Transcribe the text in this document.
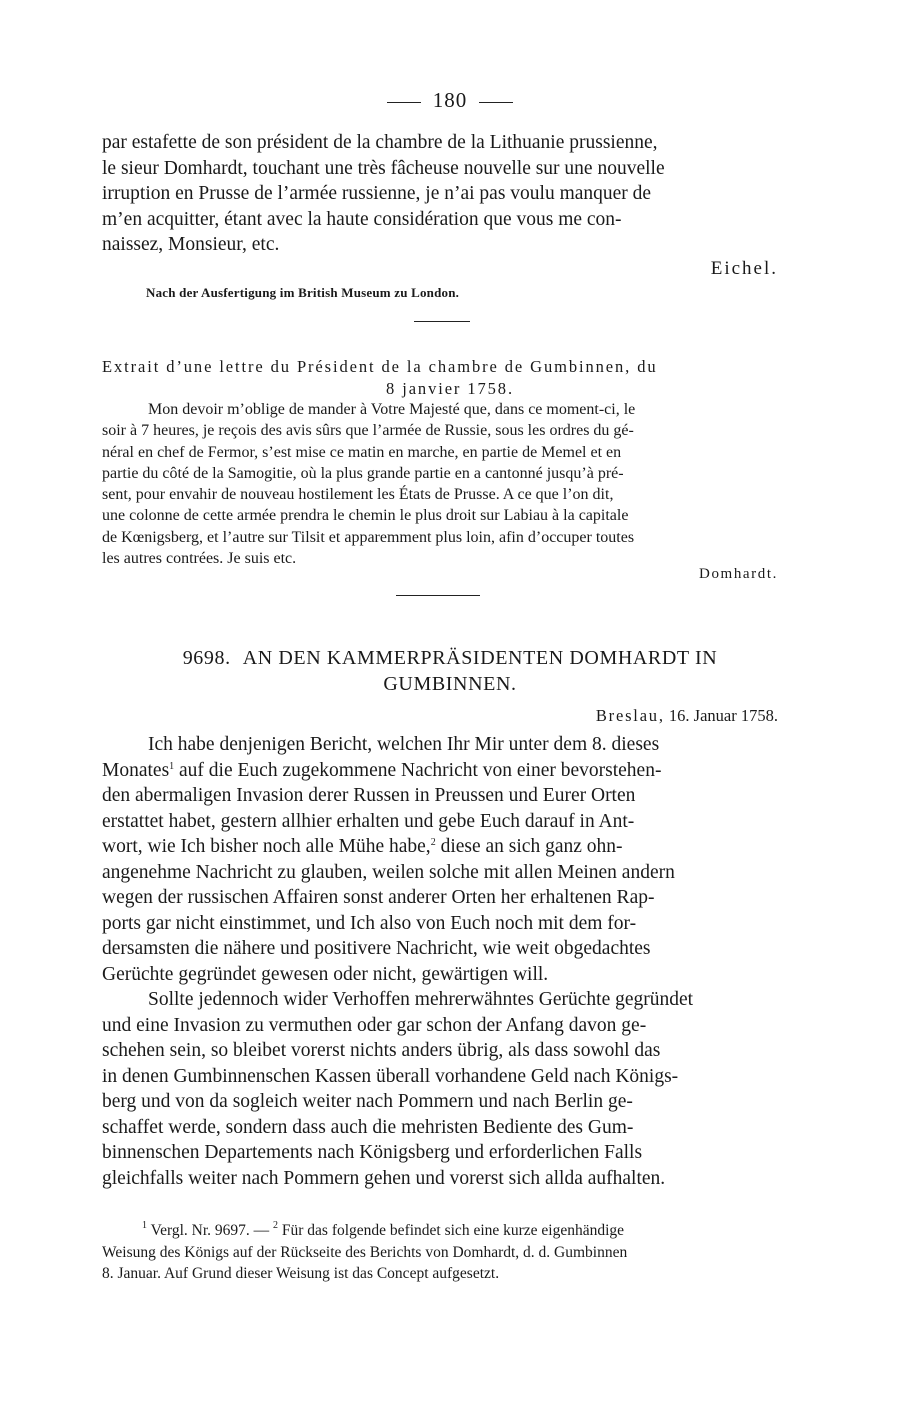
180
par estafette de son président de la chambre de la Lithuanie prussienne,
le sieur Domhardt, touchant une très fâcheuse nouvelle sur une nouvelle
irruption en Prusse de l’armée russienne, je n’ai pas voulu manquer de
m’en acquitter, étant avec la haute considération que vous me con-
naissez, Monsieur, etc.
Eichel.
Nach der Ausfertigung im British Museum zu London.
Extrait d’une lettre du Président de la chambre de Gumbinnen, du
8 janvier 1758.
Mon devoir m’oblige de mander à Votre Majesté que, dans ce moment-ci, le
soir à 7 heures, je reçois des avis sûrs que l’armée de Russie, sous les ordres du gé-
néral en chef de Fermor, s’est mise ce matin en marche, en partie de Memel et en
partie du côté de la Samogitie, où la plus grande partie en a cantonné jusqu’à pré-
sent, pour envahir de nouveau hostilement les États de Prusse. A ce que l’on dit,
une colonne de cette armée prendra le chemin le plus droit sur Labiau à la capitale
de Kœnigsberg, et l’autre sur Tilsit et apparemment plus loin, afin d’occuper toutes
les autres contrées. Je suis etc.
Domhardt.
9698. AN DEN KAMMERPRÄSIDENTEN DOMHARDT IN
GUMBINNEN.
Breslau, 16. Januar 1758.
Ich habe denjenigen Bericht, welchen Ihr Mir unter dem 8. dieses
Monates$^1$ auf die Euch zugekommene Nachricht von einer bevorstehen-
den abermaligen Invasion derer Russen in Preussen und Eurer Orten
erstattet habet, gestern allhier erhalten und gebe Euch darauf in Ant-
wort, wie Ich bisher noch alle Mühe habe,$^2$ diese an sich ganz ohn-
angenehme Nachricht zu glauben, weilen solche mit allen Meinen andern
wegen der russischen Affairen sonst anderer Orten her erhaltenen Rap-
ports gar nicht einstimmet, und Ich also von Euch noch mit dem for-
dersamsten die nähere und positivere Nachricht, wie weit obgedachtes
Gerüchte gegründet gewesen oder nicht, gewärtigen will.
Sollte jedennoch wider Verhoffen mehrerwähntes Gerüchte gegründet
und eine Invasion zu vermuthen oder gar schon der Anfang davon ge-
schehen sein, so bleibet vorerst nichts anders übrig, als dass sowohl das
in denen Gumbinnenschen Kassen überall vorhandene Geld nach Königs-
berg und von da sogleich weiter nach Pommern und nach Berlin ge-
schaffet werde, sondern dass auch die mehristen Bediente des Gum-
binnenschen Departements nach Königsberg und erforderlichen Falls
gleichfalls weiter nach Pommern gehen und vorerst sich allda aufhalten.
$^1$ Vergl. Nr. 9697. — $^2$ Für das folgende befindet sich eine kurze eigenhändige
Weisung des Königs auf der Rückseite des Berichts von Domhardt, d. d. Gumbinnen
8. Januar. Auf Grund dieser Weisung ist das Concept aufgesetzt.
